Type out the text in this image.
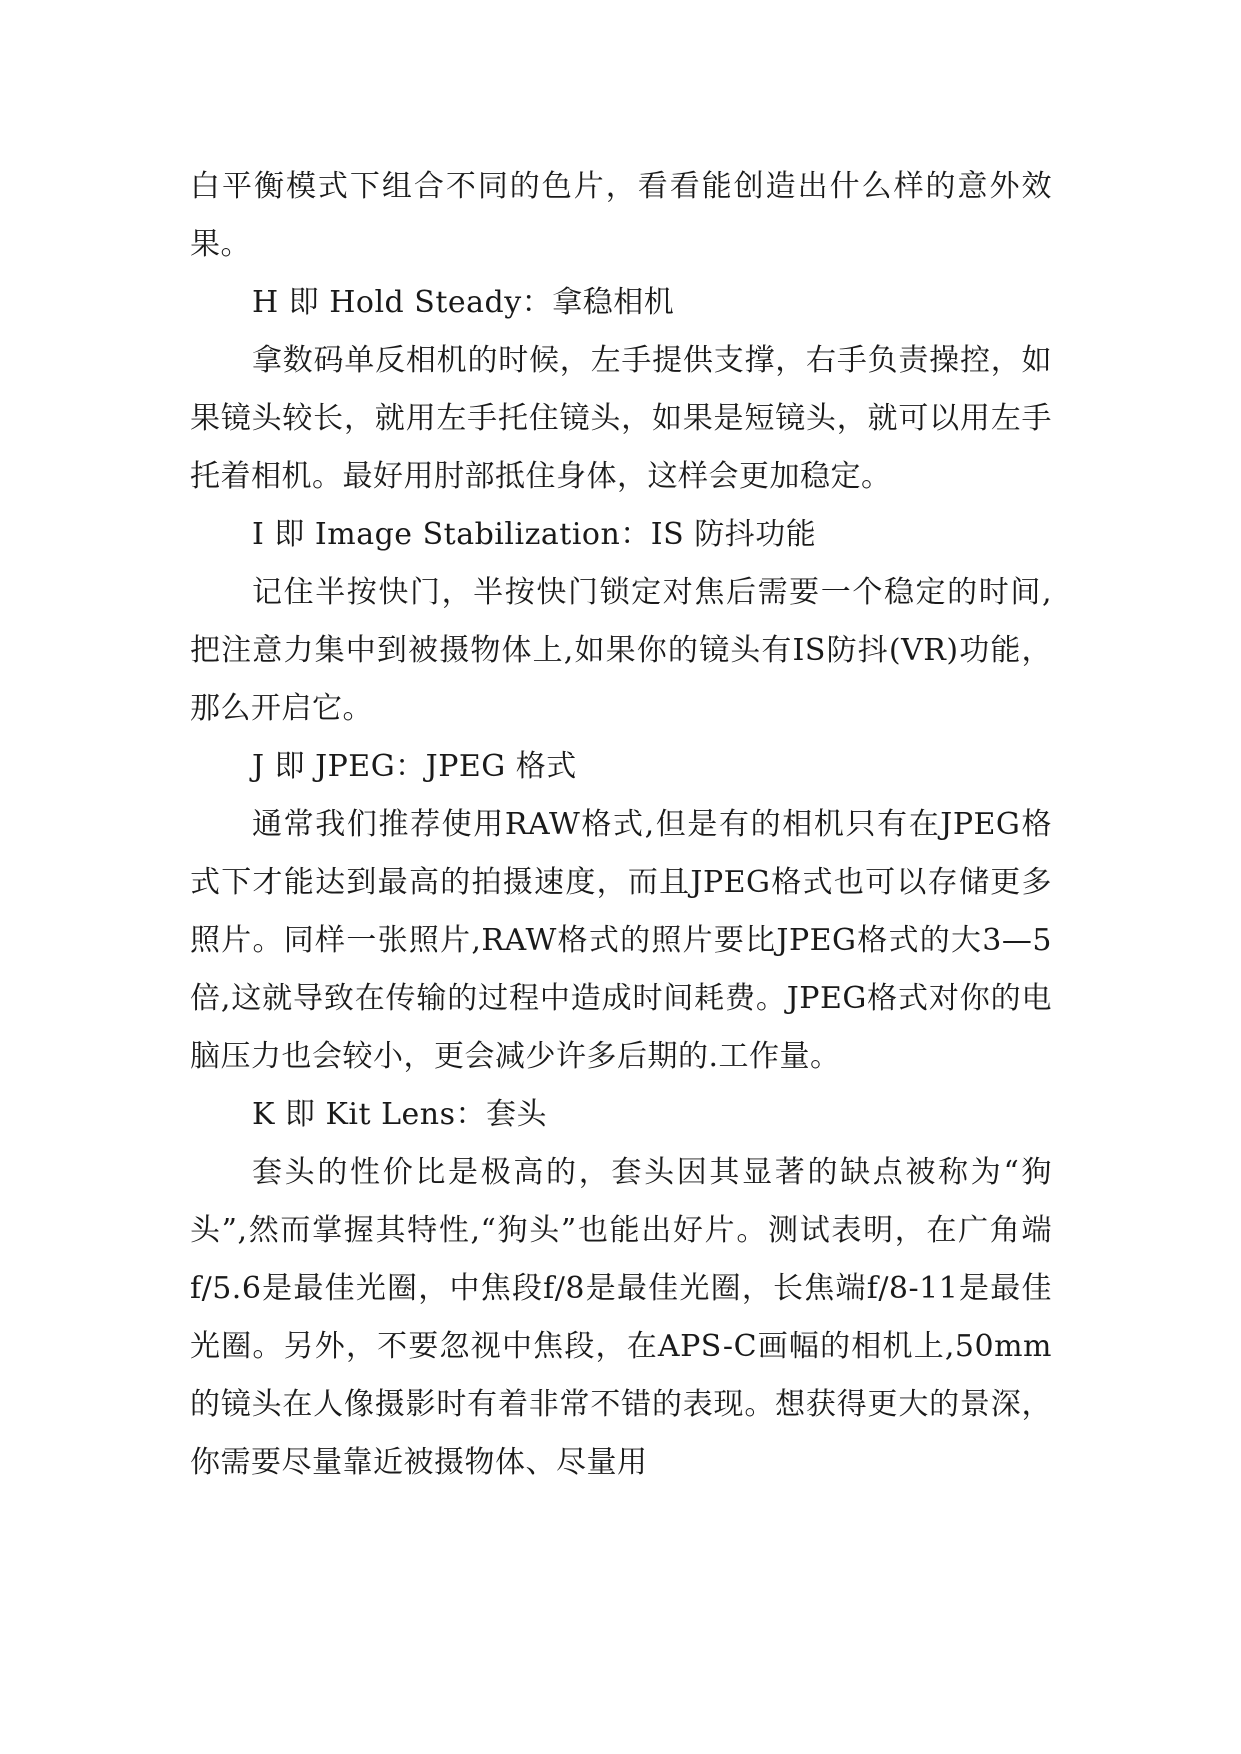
白平衡模式下组合不同的色片，看看能创造出什么样的意外效果。

H 即 Hold Steady：拿稳相机

拿数码单反相机的时候，左手提供支撑，右手负责操控，如果镜头较长，就用左手托住镜头，如果是短镜头，就可以用左手托着相机。最好用肘部抵住身体，这样会更加稳定。

I 即 Image Stabilization：IS 防抖功能

记住半按快门，半按快门锁定对焦后需要一个稳定的时间,把注意力集中到被摄物体上,如果你的镜头有IS防抖(VR)功能，那么开启它。

J 即 JPEG：JPEG 格式

通常我们推荐使用RAW格式,但是有的相机只有在JPEG格式下才能达到最高的拍摄速度，而且JPEG格式也可以存储更多照片。同样一张照片,RAW格式的照片要比JPEG格式的大3—5倍,这就导致在传输的过程中造成时间耗费。JPEG格式对你的电脑压力也会较小，更会减少许多后期的.工作量。

K 即 Kit Lens：套头

套头的性价比是极高的，套头因其显著的缺点被称为“狗头”,然而掌握其特性,“狗头”也能出好片。测试表明，在广角端f/5.6是最佳光圈，中焦段f/8是最佳光圈，长焦端f/8-11是最佳光圈。另外，不要忽视中焦段，在APS-C画幅的相机上,50mm的镜头在人像摄影时有着非常不错的表现。想获得更大的景深，你需要尽量靠近被摄物体、尽量用
